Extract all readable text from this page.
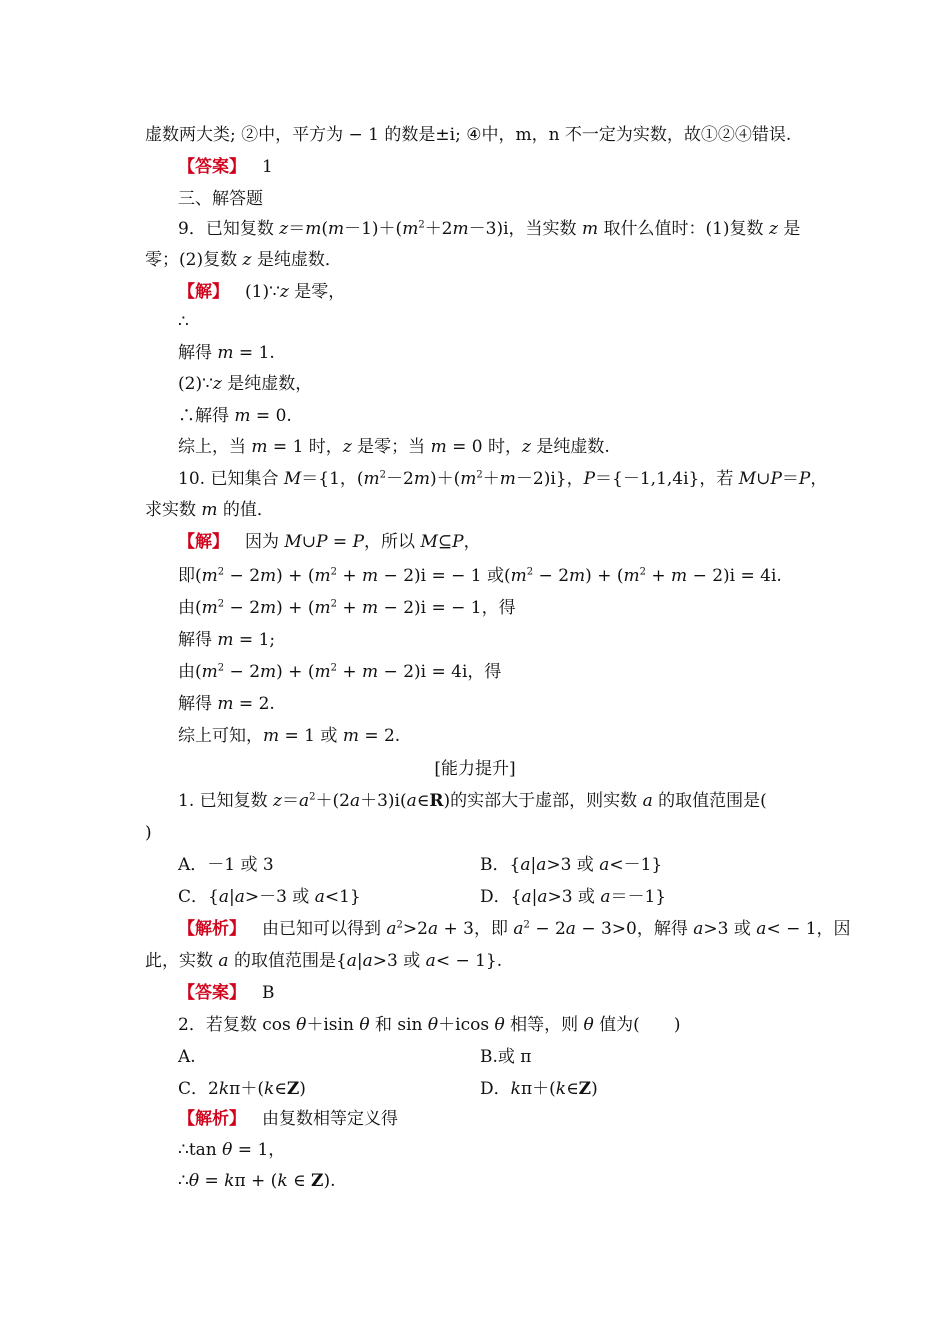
虚数两大类; ②中，平方为 − 1 的数是±i; ④中，m，n 不一定为实数，故①②④错误.
【答案】 1
三、解答题
9．已知复数 $z=m(m-1)+(m^2+2m-3)i$，当实数 m 取什么值时：(1)复数 z 是
零；(2)复数 z 是纯虚数．
【解】 (1)∵z 是零，
∴
解得 m = 1.
(2)∵z 是纯虚数，
∴解得 m = 0.
综上，当 m = 1 时，z 是零；当 m = 0 时，z 是纯虚数.
10. 已知集合 M＝{1，$(m^2-2m)+(m^2+m-2)i$}，P＝{－1,1,4i}，若 M∪P＝P，
求实数 m 的值．
【解】 因为 M∪P = P，所以 M⊆P，
即$(m^2 - 2m) + (m^2 + m - 2)i$ = − 1 或$(m^2 - 2m) + (m^2 + m - 2)i = 4i$.
由$(m^2 - 2m) + (m^2 + m - 2)i$ = − 1，得
解得 m = 1;
由$(m^2 - 2m) + (m^2 + m - 2)i = 4i$，得
解得 m = 2.
综上可知，m = 1 或 m = 2.
[能力提升]
1. 已知复数 $z=a^2+(2a+3)i(a\in R)$的实部大于虚部，则实数 a 的取值范围是(
)
A．－1 或 3	B．{a|a>3 或 a<－1}
C．{a|a>－3 或 a<1}	D．{a|a>3 或 a＝－1}
【解析】 由已知可以得到 $a^2>2a + 3$，即 $a^2 - 2a - 3>0$，解得 a>3 或 a< − 1，因
此，实数 a 的取值范围是{a|a>3 或 a< − 1}.
【答案】 B
2．若复数 cos θ＋isin θ 和 sin θ＋icos θ 相等，则 θ 值为(　　)
A.	B.或 π
C．2kπ＋(k∈Z)	D．kπ＋(k∈Z)
【解析】 由复数相等定义得
∴tan θ = 1，
∴θ = kπ + (k ∈ Z).
